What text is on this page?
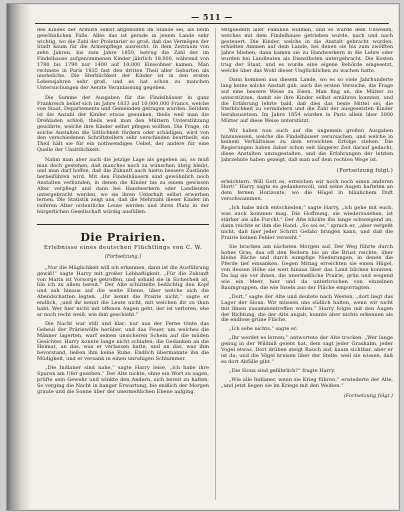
— 511 —

des Kindes der Armuth selbst abgeholfen im Stande sei, als beim gewöhnlichen Falle. Alles das ist gerade in jenem Lande sehr wichtig, wo die Zahl der Proletarier so groß, daß das Vermögen der Stadt kaum für die Armenpflege ausreicht. In dem Zeitraum von zehn Jahren, bis zum Jahre 1850, betrug die Zahl der im Findelhause aufgenommenen Kinder jährlich 18,000, während von 1780 bis 1790 nur 1400 auf 10,000 Einwohner kamen. Man rechnete in Paris 1835 fast den dritten Theil aller Geburten als uneheliche. Die Sterblichkeit der Kinder ist in den ersten Lebensjahren sehr groß, und es hat schon zu manchen Untersuchungen der Aerzte Veranlassung gegeben.

Die Summe der Ausgaben für die Findelhäuser in ganz Frankreich belief sich im Jahre 1833 auf 10,000,000 Francs, welche von Staat, Departements und Gemeinden getragen wurden. Seitdem ist die Anzahl der Kinder etwas gesunken, theils weil man die Drehladen schloß, theils weil man den Müttern Unterstützung gewährte, welche ihre Kinder selbst pflegen wollten. Die Frage, ob solche Anstalten die Sittlichkeit fördern oder schädigen, wird von den verschiedenen Schriftstellern sehr verschieden beurtheilt; ein Theil hält sie für ein nothwendiges Uebel, der andere für eine Quelle der Unsittlichkeit.

Nahm man aber auch die jetzige Lage als gegeben an, so muß man doch gestehen, daß manches noch zu wünschen übrig bleibt, und man darf hoffen, daß die Zukunft auch hierin bessere Zustände herbeiführen wird. Mit den Findelhäusern sind gewöhnlich noch Anstalten verbunden, in denen die Kinder bis zu einem gewissen Alter verpflegt und dann bei Handwerkern oder Landleuten untergebracht werden, wo sie ihren Unterhalt selbst erwerben lernen. Die Statistik zeigt uns, daß die Mehrzahl dieser Kinder im reiferen Alter ordentliche Leute werden und ihren Platz in der bürgerlichen Gesellschaft würdig ausfüllen.

Die Prairien.

Erlebnisse eines deutschen Flüchtlings von C. W.

(Fortsetzung.)

„Nur die Mäglichkeit will ich erkennen, dann ist die Ausführung gewiß!“ sagte Harry mit großer Lebhaftigkeit. „Für die Zukunft von Maria ist Vorsorge getroffen, und sobald sie in Sicherheit ist, bin ich zu allem bereit.“ Der Alte schüttelte bedächtig den Kopf und sah hinaus auf die weite Ebene, über welche sich die Abendschatten legten. „Ihr kennt die Prairie nicht,“ sagte er endlich, „und ihr kennt die Leute nicht, mit welchen ihr zu thun habt. Wer hier nicht mit offenen Augen geht, der ist verloren, ehe er noch recht weiß, wie ihm geschieht.“

Die Nacht war still und klar; nur aus der Ferne tönte das Geheul der Präriewölfe herüber, und das Feuer, um welches die Männer lagerten, warf seinen unsicheren Schein auf die müden Gesichter. Harry konnte lange nicht schlafen; die Gedanken an die Heimat, an das, was er verlassen hatte, und an das, was ihm bevorstand, ließen ihm keine Ruhe. Endlich übermannte ihn die Müdigkeit, und er versank in einen unruhigen Schlummer.

„Die Indianer sind nahe,“ sagte Harry leise, „ich habe ihre Spuren am Ufer gesehen.“ Der Alte nickte, ohne ein Wort zu sagen, prüfte sein Gewehr und winkte den Andern, sich bereit zu halten. So verging die Nacht in banger Erwartung, bis endlich der Morgen graute und die Sonne über der unermeßlichen Ebene aufging.

Mitgliedern aller Familien widmen, und so wurde dem Unwesen, welches mit dem Findelhause getrieben wurde, nach und nach gesteuert. Die Kinder, welche in die Anstalt gebracht wurden, erhielten Ammen auf dem Lande, bei denen sie bis zum zwölften Jahre blieben; dann kamen sie zu Handwerkern in die Lehre oder wurden bei Landleuten als Dienstboten untergebracht. Die Kosten trug der Staat, und es wurde eine eigene Behörde eingesetzt, welche über das Wohl dieser Unglücklichen zu wachen hatte.

Dann kommen aus diesem Lande, wo es so viele Jahrhunderte lang keine solche Anstalt gab, auch die ersten Versuche, die Frage auf eine bessere Weise zu lösen. Man fing an, die Mütter zu unterstützen, damit sie ihre Kinder selbst ernähren konnten, und die Erfahrung lehrte bald, daß dies das beste Mittel sei, die Sterblichkeit zu vermindern und die Zahl der ausgesetzten Kinder herabzusetzen. Im Jahre 1854 wurden in Paris allein über 3000 Mütter auf diese Weise unterstützt.

Wir haben nun auch auf die ungemein großen Ausgaben hinzuweisen, welche die Findelhäuser verursachen, und welche in keinem Verhältnisse zu dem erreichten Erfolge stehen. Die Regierungen haben daher schon seit längerer Zeit darauf gedacht, diese Anstalten umzugestalten, und die Erfahrungen der letzten Jahrzehnte haben gezeigt, daß man auf dem rechten Wege ist.

(Fortsetzung folgt.)

erleichtern. Will Gott es, erreichen wir noch noch einen anderen Hort!“ Harry sagte es gedankenvoll, und seine Augen hafteten an dem fernen Horizonte, wo die Hügel in bläulichem Duft verschwammen.

„Ich habe mich entschieden,“ sagte Harry, „ich gehe mit euch, was auch kommen mag. Die Hoffnung, sie wiederzusehen, ist stärker als alle Furcht.“ Der Alte blickte ihn lange schweigend an, dann reichte er ihm die Hand. „So sei es,“ sprach er, „aber vergeßt nicht, daß hier jeder Schritt Gefahr bringen kann, und daß die Prairie keinen Fehler verzeiht.“

Sie brachen am nächsten Morgen auf. Der Weg führte durch hohes Gras, das oft den Reitern bis an die Brust reichte, über kleine Bäche und durch sumpfige Niederungen, in denen die Pferde tief einsanken. Gegen Mittag erreichten sie einen Hügel, von dessen Höhe sie weit hinaus über das Land blicken konnten. Da lag sie vor ihnen, die unermeßliche Prairie, grün und wogend wie ein Meer, hier und da unterbrochen von einzelnen Baumgruppen, die wie Inseln aus der Fläche emporragten.

„Dort,“ sagte der Alte und deutete nach Westen, „dort liegt das Lager der Sioux. Wir müssen uns südlich halten, wenn wir nicht mit ihnen zusammentreffen wollen.“ Harry folgte mit den Augen der Richtung, die der Alte angab, konnte aber nichts erkennen als die endlose grüne Fläche.

„Ich sehe nichts,“ sagte er.

„Ihr werdet es lernen,“ antwortete der Alte trocken. „Wer lange genug in der Wildniß gelebt hat, dem sagt jeder Grashalm, jeder Vogel etwas. Dort drüben steigt Rauch auf, kaum sichtbar, aber er ist da; und die Vögel kreisen über der Stelle, weil sie wissen, daß es dort Abfälle gibt.“

„Die Sioux sind gefährlich?“ fragte Harry.

„Wie alle Indianer, wenn sie Krieg führen,“ erwiederte der Alte, „und jetzt liegen sie im Kriege mit den Weißen.“

(Fortsetzung folgt.)
